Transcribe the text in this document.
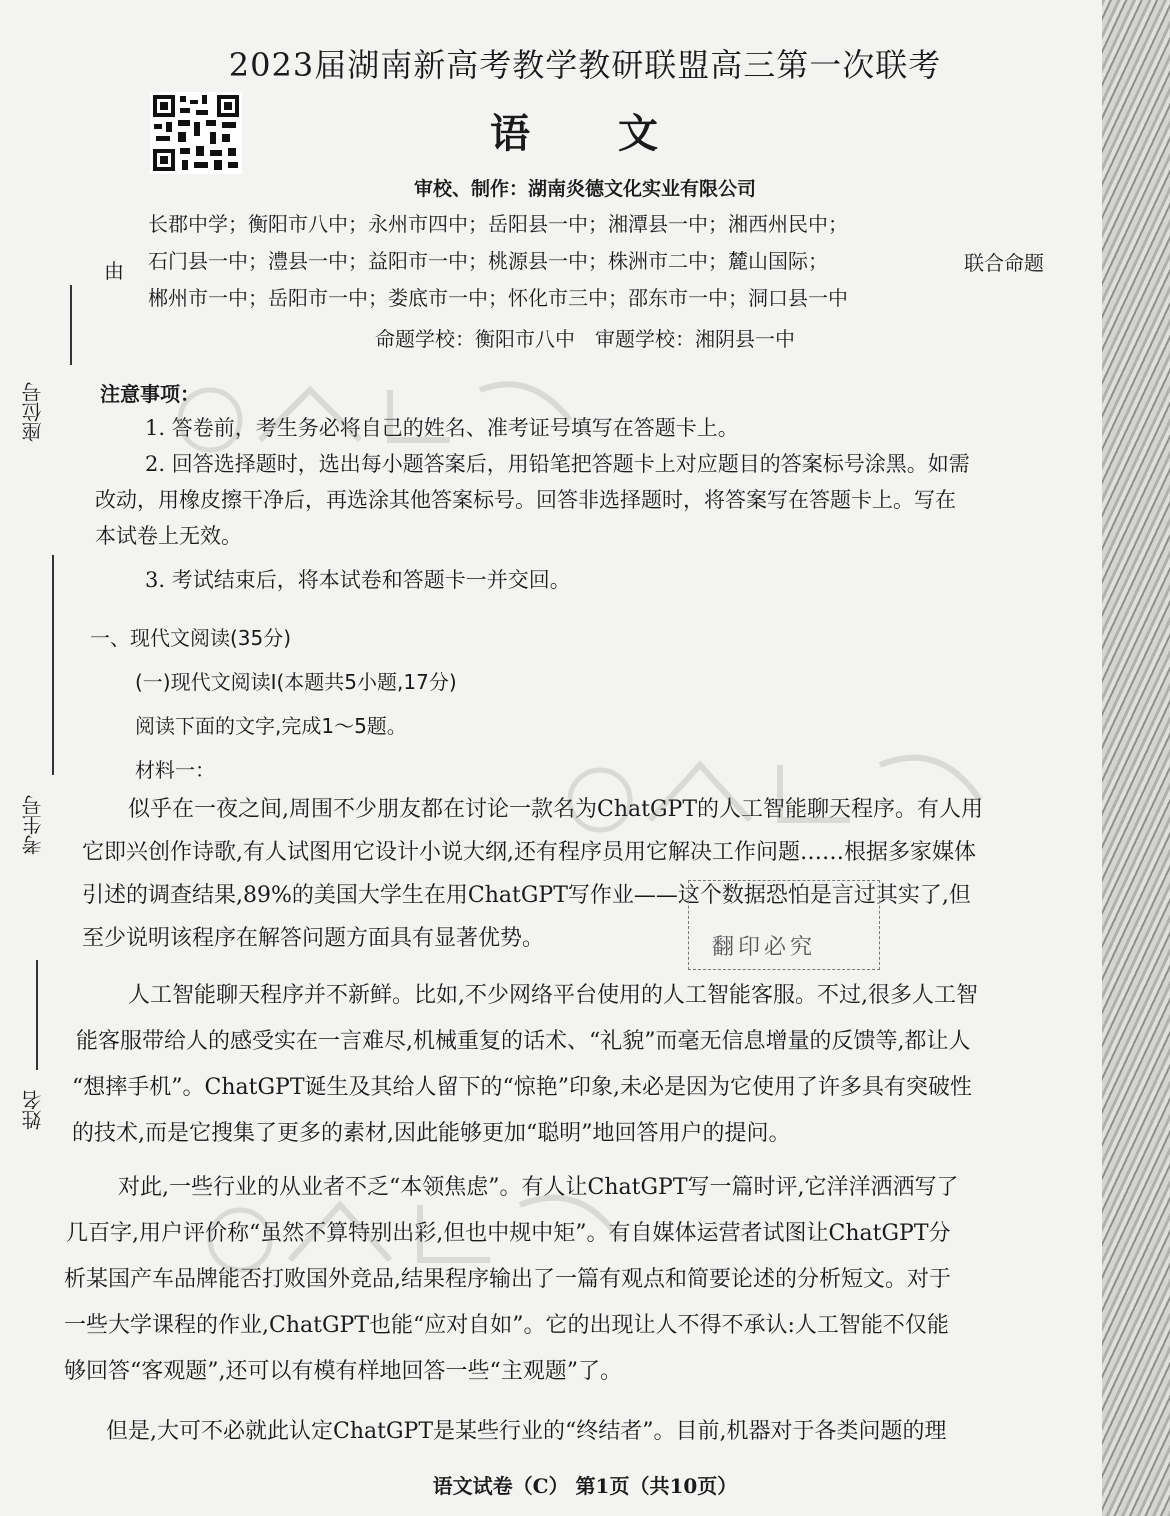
座位号
考生号
姓名
2023届湖南新高考教学教研联盟高三第一次联考
语文
审校、制作：湖南炎德文化实业有限公司
长郡中学；衡阳市八中；永州市四中；岳阳县一中；湘潭县一中；湘西州民中；
由 石门县一中；澧县一中；益阳市一中；桃源县一中；株洲市二中；麓山国际；	联合命题
郴州市一中；岳阳市一中；娄底市一中；怀化市三中；邵东市一中；洞口县一中
命题学校：衡阳市八中　审题学校：湘阴县一中
注意事项：
1. 答卷前，考生务必将自己的姓名、准考证号填写在答题卡上。
2. 回答选择题时，选出每小题答案后，用铅笔把答题卡上对应题目的答案标号涂黑。如需
改动，用橡皮擦干净后，再选涂其他答案标号。回答非选择题时，将答案写在答题卡上。写在
本试卷上无效。
3. 考试结束后，将本试卷和答题卡一并交回。
一、现代文阅读(35分)
(一)现代文阅读Ⅰ(本题共5小题,17分)
阅读下面的文字,完成1～5题。
材料一：
似乎在一夜之间,周围不少朋友都在讨论一款名为ChatGPT的人工智能聊天程序。有人用
它即兴创作诗歌,有人试图用它设计小说大纲,还有程序员用它解决工作问题……根据多家媒体
引述的调查结果,89%的美国大学生在用ChatGPT写作业——这个数据恐怕是言过其实了,但
至少说明该程序在解答问题方面具有显著优势。
人工智能聊天程序并不新鲜。比如,不少网络平台使用的人工智能客服。不过,很多人工智
能客服带给人的感受实在一言难尽,机械重复的话术、“礼貌”而毫无信息增量的反馈等,都让人
“想摔手机”。ChatGPT诞生及其给人留下的“惊艳”印象,未必是因为它使用了许多具有突破性
的技术,而是它搜集了更多的素材,因此能够更加“聪明”地回答用户的提问。
对此,一些行业的从业者不乏“本领焦虑”。有人让ChatGPT写一篇时评,它洋洋洒洒写了
几百字,用户评价称“虽然不算特别出彩,但也中规中矩”。有自媒体运营者试图让ChatGPT分
析某国产车品牌能否打败国外竞品,结果程序输出了一篇有观点和简要论述的分析短文。对于
一些大学课程的作业,ChatGPT也能“应对自如”。它的出现让人不得不承认:人工智能不仅能
够回答“客观题”,还可以有模有样地回答一些“主观题”了。
但是,大可不必就此认定ChatGPT是某些行业的“终结者”。目前,机器对于各类问题的理
翻印必究
语文试卷（C） 第1页（共10页）
